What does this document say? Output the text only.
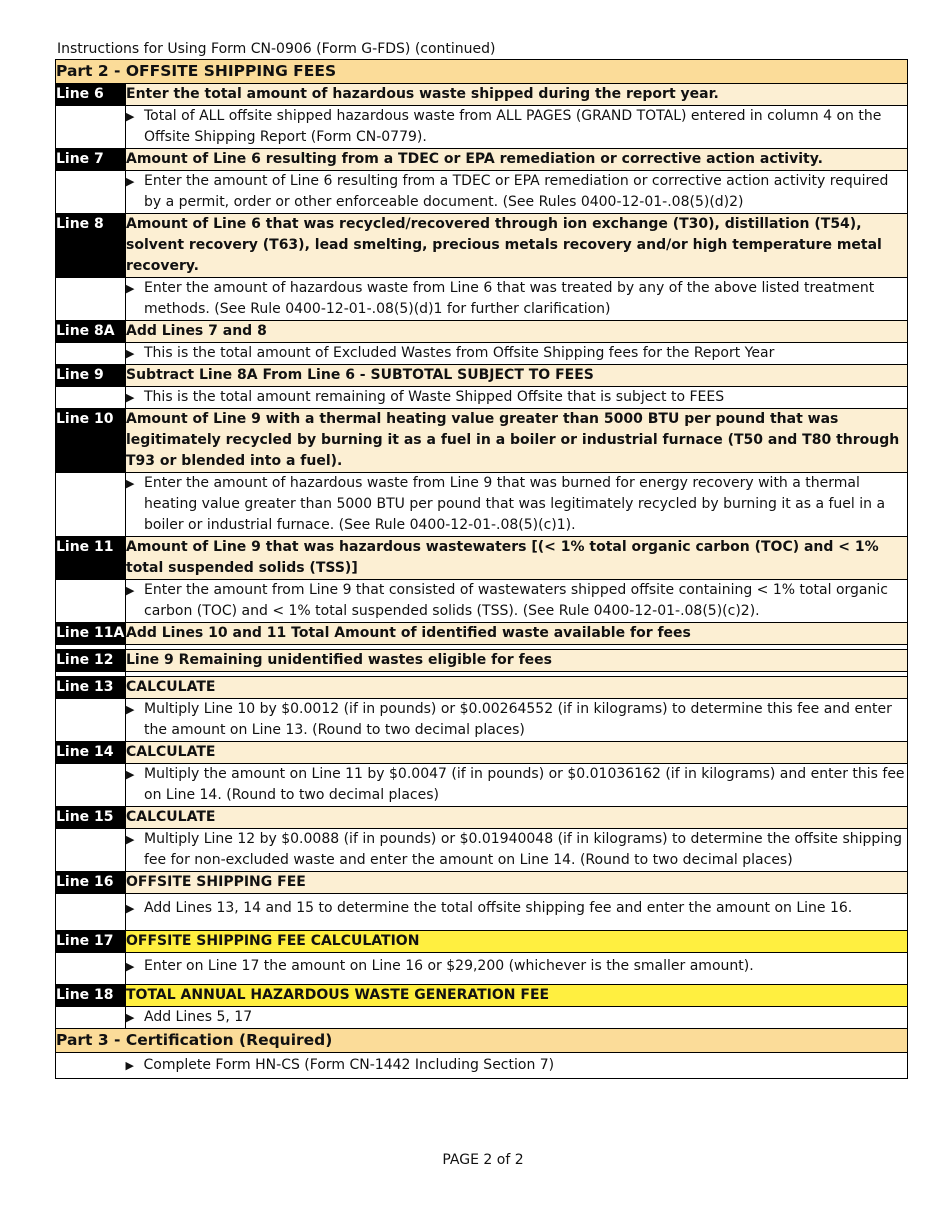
Instructions for Using Form CN-0906 (Form G-FDS) (continued)
Part 2 - OFFSITE SHIPPING FEES	
Line 6	Enter the total amount of hazardous waste shipped during the report year.

	▶ Total of ALL offsite shipped hazardous waste from ALL PAGES (GRAND TOTAL) entered in column 4 on the Offsite Shipping Report (Form CN-0779).

Line 7	Amount of Line 6 resulting from a TDEC or EPA remediation or corrective action activity.

	▶ Enter the amount of Line 6 resulting from a TDEC or EPA remediation or corrective action activity required by a permit, order or other enforceable document. (See Rules 0400-12-01-.08(5)(d)2)

Line 8	Amount of Line 6 that was recycled/recovered through ion exchange (T30), distillation (T54), solvent recovery (T63), lead smelting, precious metals recovery and/or high temperature metal recovery.

	▶ Enter the amount of hazardous waste from Line 6 that was treated by any of the above listed treatment methods. (See Rule 0400-12-01-.08(5)(d)1 for further clarification)

Line 8A	Add Lines 7 and 8

	▶ This is the total amount of Excluded Wastes from Offsite Shipping fees for the Report Year

Line 9	Subtract Line 8A From Line 6 - SUBTOTAL SUBJECT TO FEES

	▶ This is the total amount remaining of Waste Shipped Offsite that is subject to FEES

Line 10	Amount of Line 9 with a thermal heating value greater than 5000 BTU per pound that was legitimately recycled by burning it as a fuel in a boiler or industrial furnace (T50 and T80 through T93 or blended into a fuel).

	▶ Enter the amount of hazardous waste from Line 9 that was burned for energy recovery with a thermal heating value greater than 5000 BTU per pound that was legitimately recycled by burning it as a fuel in a boiler or industrial furnace. (See Rule 0400-12-01-.08(5)(c)1).

Line 11	Amount of Line 9 that was hazardous wastewaters [(< 1% total organic carbon (TOC) and < 1% total suspended solids (TSS)]

	▶ Enter the amount from Line 9 that consisted of wastewaters shipped offsite containing < 1% total organic carbon (TOC) and < 1% total suspended solids (TSS). (See Rule 0400-12-01-.08(5)(c)2).

Line 11A	Add Lines 10 and 11 Total Amount of identified waste available for fees

Line 12	Line 9 Remaining unidentified wastes eligible for fees

Line 13	CALCULATE

	▶ Multiply Line 10 by $0.0012 (if in pounds) or $0.00264552 (if in kilograms) to determine this fee and enter the amount on Line 13. (Round to two decimal places)

Line 14	CALCULATE

	▶ Multiply the amount on Line 11 by $0.0047 (if in pounds) or $0.01036162 (if in kilograms) and enter this fee on Line 14. (Round to two decimal places)

Line 15	CALCULATE

	▶ Multiply Line 12 by $0.0088 (if in pounds) or $0.01940048 (if in kilograms) to determine the offsite shipping fee for non-excluded waste and enter the amount on Line 14. (Round to two decimal places)

Line 16	OFFSITE SHIPPING FEE

	▶ Add Lines 13, 14 and 15 to determine the total offsite shipping fee and enter the amount on Line 16.

Line 17	OFFSITE SHIPPING FEE CALCULATION

	▶ Enter on Line 17 the amount on Line 16 or $29,200 (whichever is the smaller amount).

Line 18	TOTAL ANNUAL HAZARDOUS WASTE GENERATION FEE

	▶ Add Lines 5, 17

Part 3 - Certification (Required)	

	▶ Complete Form HN-CS (Form CN-1442 Including Section 7)
PAGE 2 of 2
